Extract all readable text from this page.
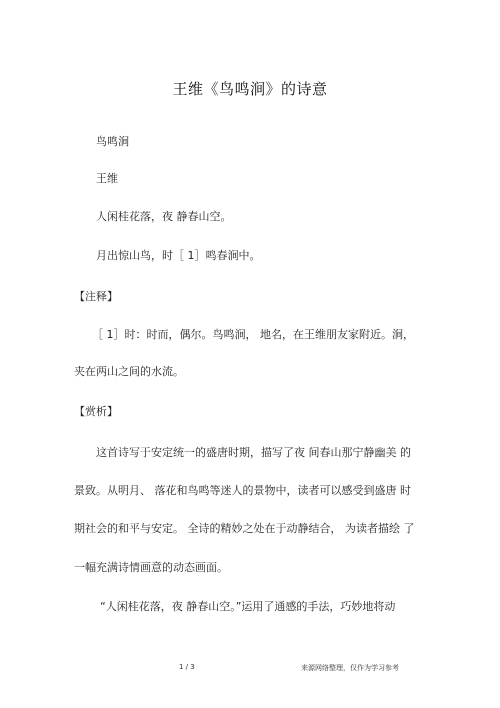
王维《鸟鸣涧》的诗意
鸟鸣涧
王维
人闲桂花落，夜 静春山空。
月出惊山鸟，时［ 1］鸣春涧中。
【注释】
［ 1］时：时而，偶尔。鸟鸣涧， 地名，在王维朋友家附近。涧，
夹在两山之间的水流。
【赏析】
这首诗写于安定统一的盛唐时期，描写了夜 间春山那宁静幽美 的
景致。从明月、 落花和鸟鸣等迷人的景物中，读者可以感受到盛唐 时
期社会的和平与安定。 全诗的精妙之处在于动静结合， 为读者描绘 了
一幅充满诗情画意的动态画面。
“人闲桂花落，夜 静春山空。”运用了通感的手法，巧妙地将动
1 / 3	来源网络整理，仅作为学习参考
